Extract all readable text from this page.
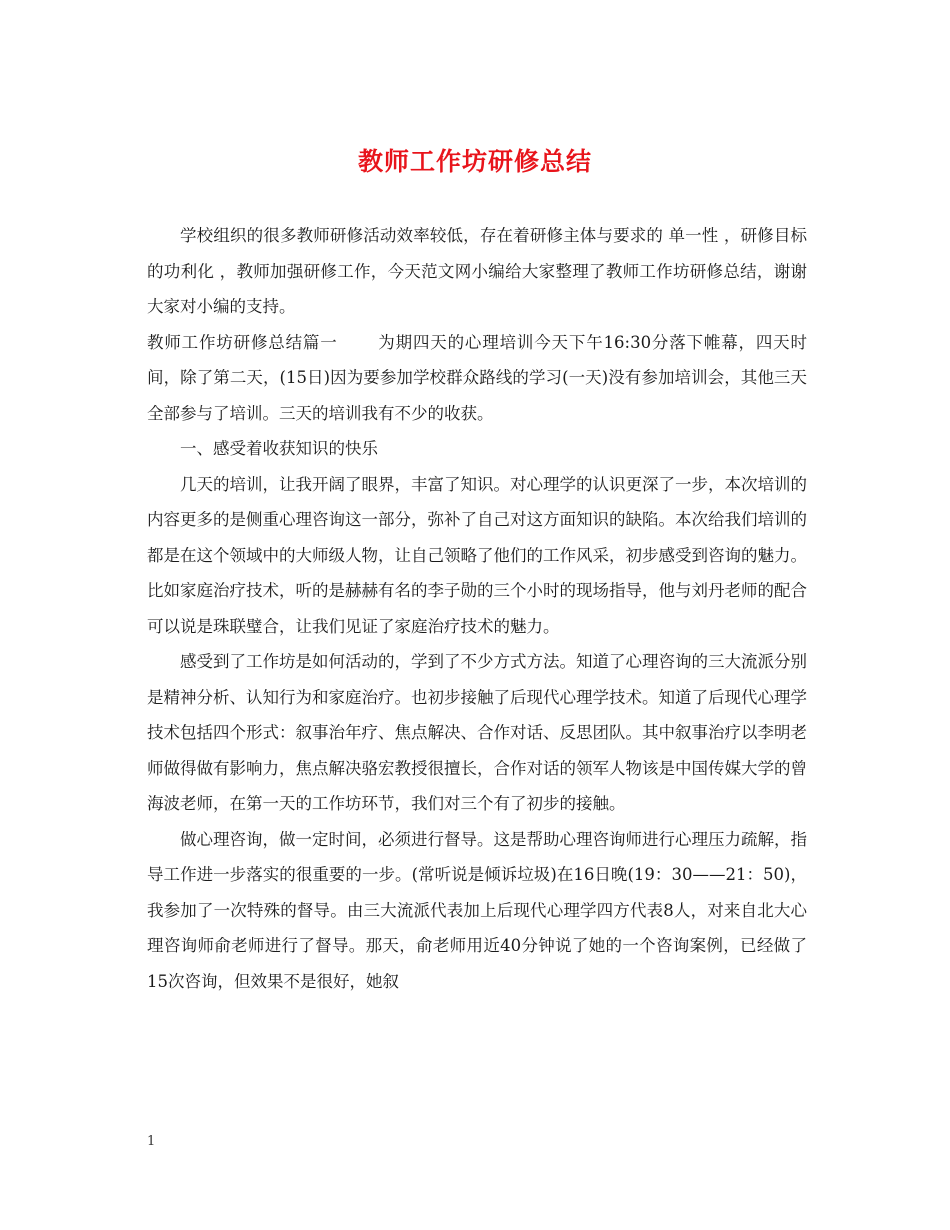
教师工作坊研修总结

学校组织的很多教师研修活动效率较低，存在着研修主体与要求的 单一性 ，研修目标的功利化 ，教师加强研修工作，今天范文网小编给大家整理了教师工作坊研修总结，谢谢大家对小编的支持。

教师工作坊研修总结篇一　　 为期四天的心理培训今天下午16:30分落下帷幕，四天时间，除了第二天，(15日)因为要参加学校群众路线的学习(一天)没有参加培训会，其他三天全部参与了培训。三天的培训我有不少的收获。

一、感受着收获知识的快乐

几天的培训，让我开阔了眼界，丰富了知识。对心理学的认识更深了一步，本次培训的内容更多的是侧重心理咨询这一部分，弥补了自己对这方面知识的缺陷。本次给我们培训的都是在这个领域中的大师级人物，让自己领略了他们的工作风采，初步感受到咨询的魅力。比如家庭治疗技术，听的是赫赫有名的李子勋的三个小时的现场指导，他与刘丹老师的配合可以说是珠联璧合，让我们见证了家庭治疗技术的魅力。

感受到了工作坊是如何活动的，学到了不少方式方法。知道了心理咨询的三大流派分别是精神分析、认知行为和家庭治疗。也初步接触了后现代心理学技术。知道了后现代心理学技术包括四个形式：叙事治年疗、焦点解决、合作对话、反思团队。其中叙事治疗以李明老师做得做有影响力，焦点解决骆宏教授很擅长，合作对话的领军人物该是中国传媒大学的曾海波老师，在第一天的工作坊环节，我们对三个有了初步的接触。

做心理咨询，做一定时间，必须进行督导。这是帮助心理咨询师进行心理压力疏解，指导工作进一步落实的很重要的一步。(常听说是倾诉垃圾)在16日晚(19：30——21：50)，我参加了一次特殊的督导。由三大流派代表加上后现代心理学四方代表8人，对来自北大心理咨询师俞老师进行了督导。那天，俞老师用近40分钟说了她的一个咨询案例，已经做了15次咨询，但效果不是很好，她叙

1
